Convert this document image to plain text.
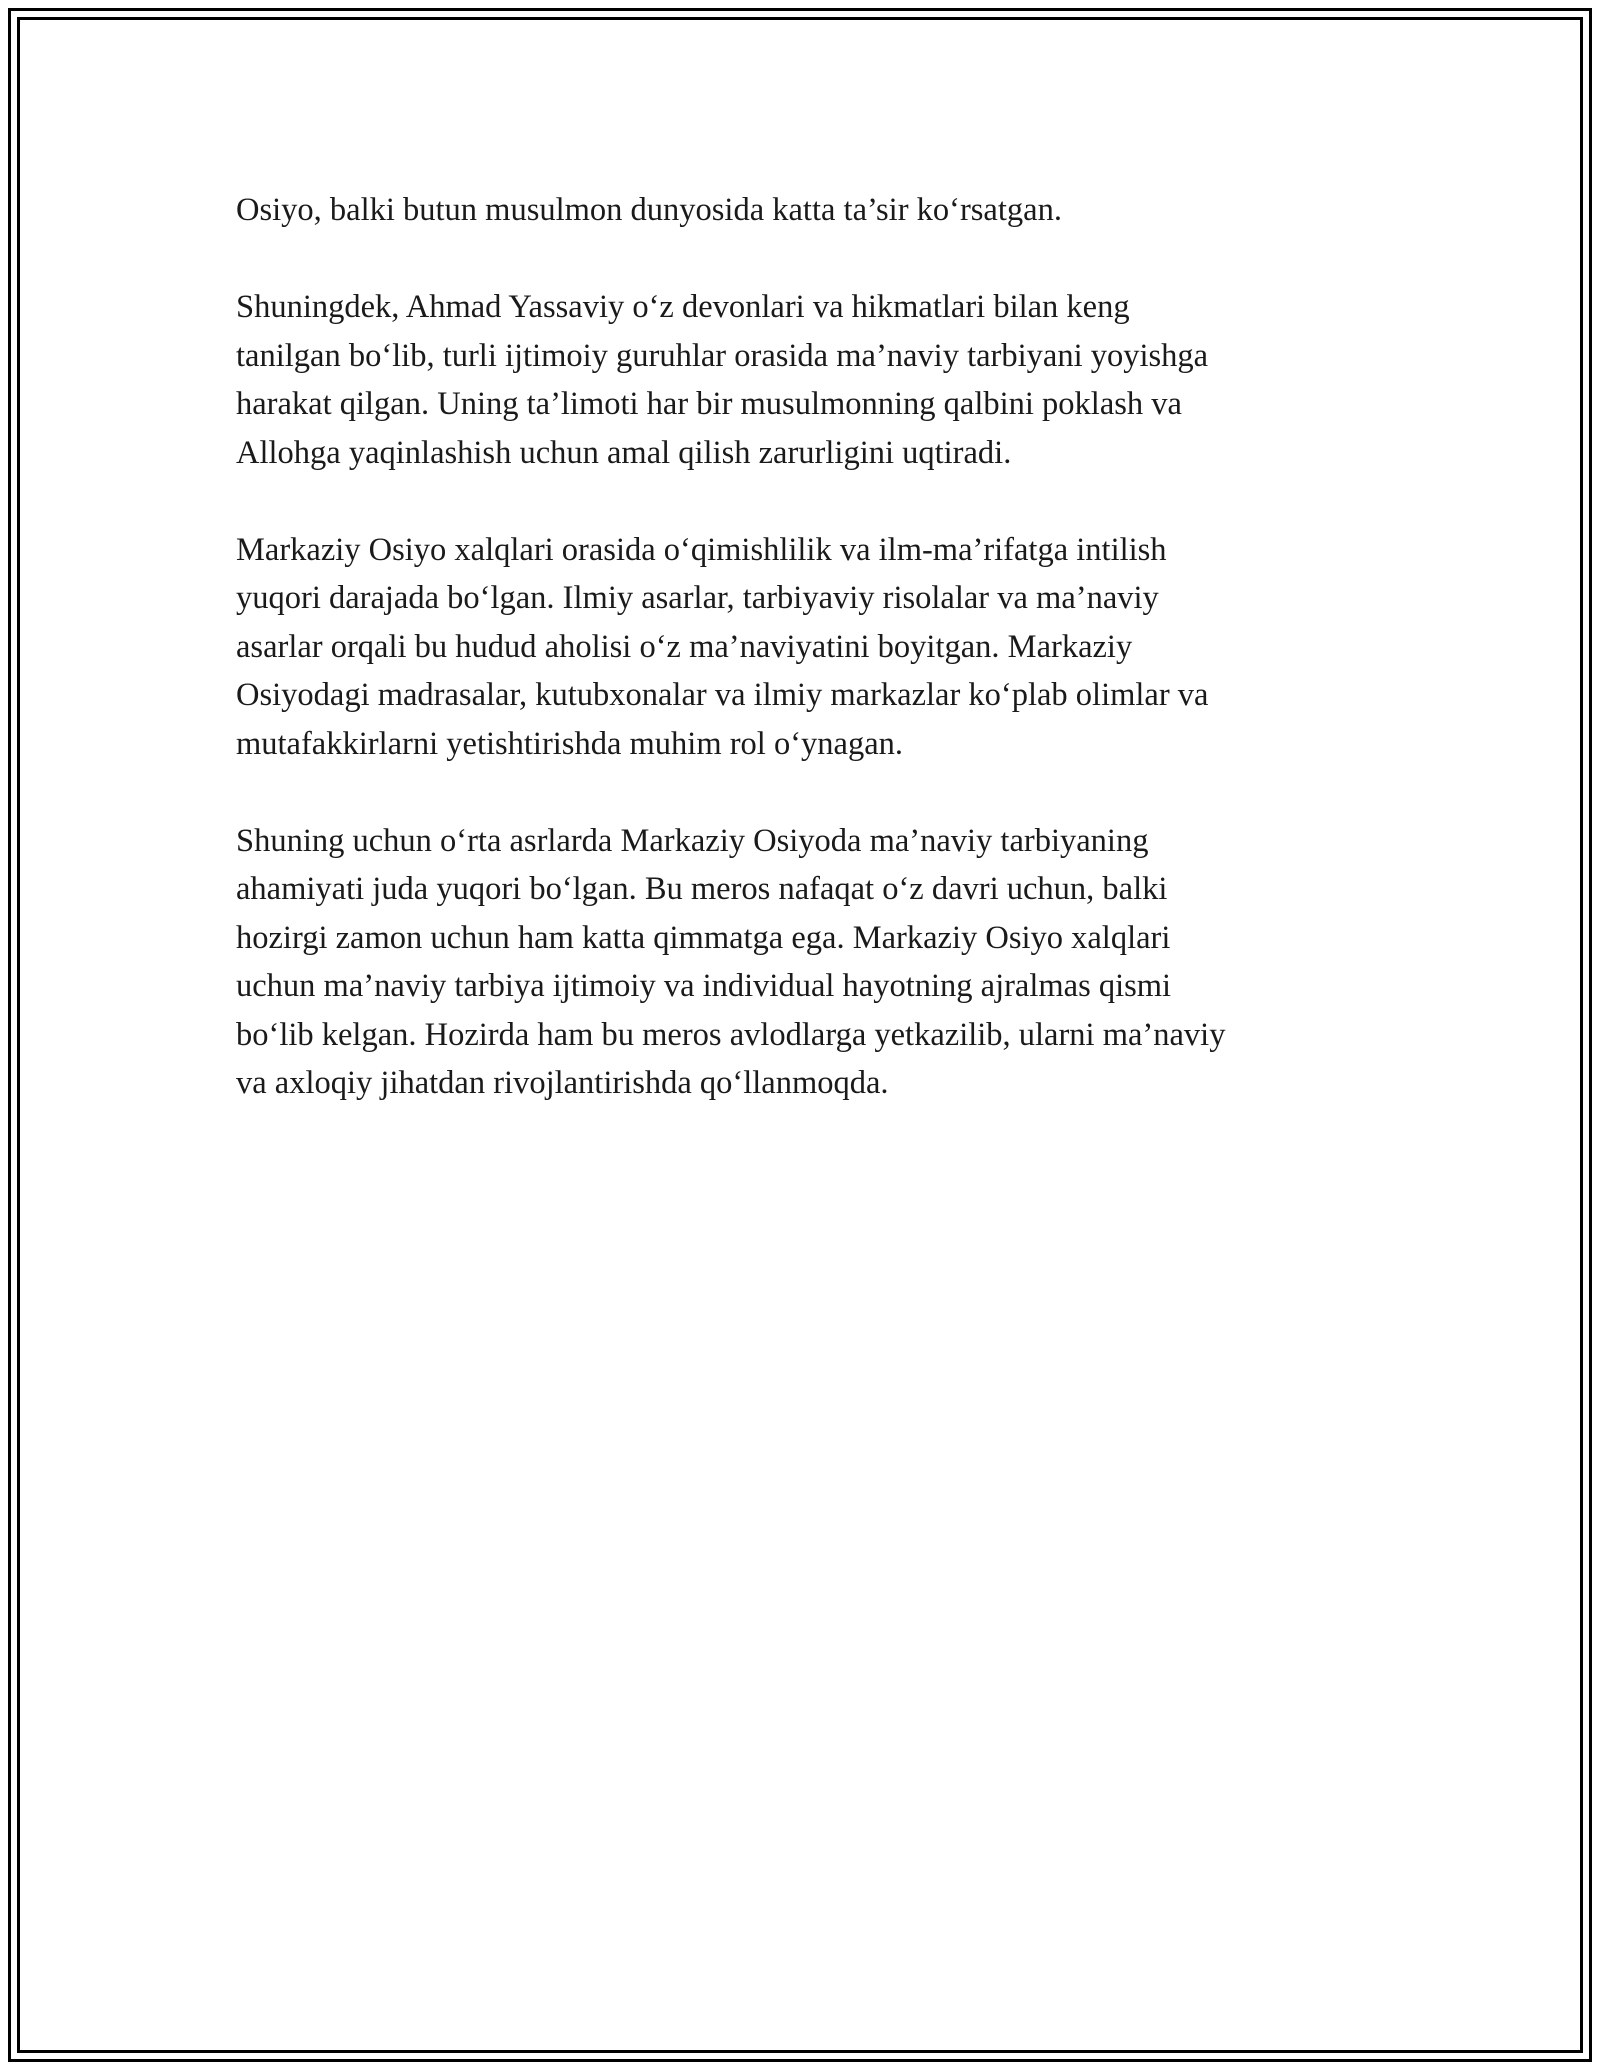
Osiyo, balki butun musulmon dunyosida katta ta’sir ko‘rsatgan.

Shuningdek, Ahmad Yassaviy o‘z devonlari va hikmatlari bilan keng
tanilgan bo‘lib, turli ijtimoiy guruhlar orasida ma’naviy tarbiyani yoyishga
harakat qilgan. Uning ta’limoti har bir musulmonning qalbini poklash va
Allohga yaqinlashish uchun amal qilish zarurligini uqtiradi.

Markaziy Osiyo xalqlari orasida o‘qimishlilik va ilm-ma’rifatga intilish
yuqori darajada bo‘lgan. Ilmiy asarlar, tarbiyaviy risolalar va ma’naviy
asarlar orqali bu hudud aholisi o‘z ma’naviyatini boyitgan. Markaziy
Osiyodagi madrasalar, kutubxonalar va ilmiy markazlar ko‘plab olimlar va
mutafakkirlarni yetishtirishda muhim rol o‘ynagan.

Shuning uchun o‘rta asrlarda Markaziy Osiyoda ma’naviy tarbiyaning
ahamiyati juda yuqori bo‘lgan. Bu meros nafaqat o‘z davri uchun, balki
hozirgi zamon uchun ham katta qimmatga ega. Markaziy Osiyo xalqlari
uchun ma’naviy tarbiya ijtimoiy va individual hayotning ajralmas qismi
bo‘lib kelgan. Hozirda ham bu meros avlodlarga yetkazilib, ularni ma’naviy
va axloqiy jihatdan rivojlantirishda qo‘llanmoqda.
